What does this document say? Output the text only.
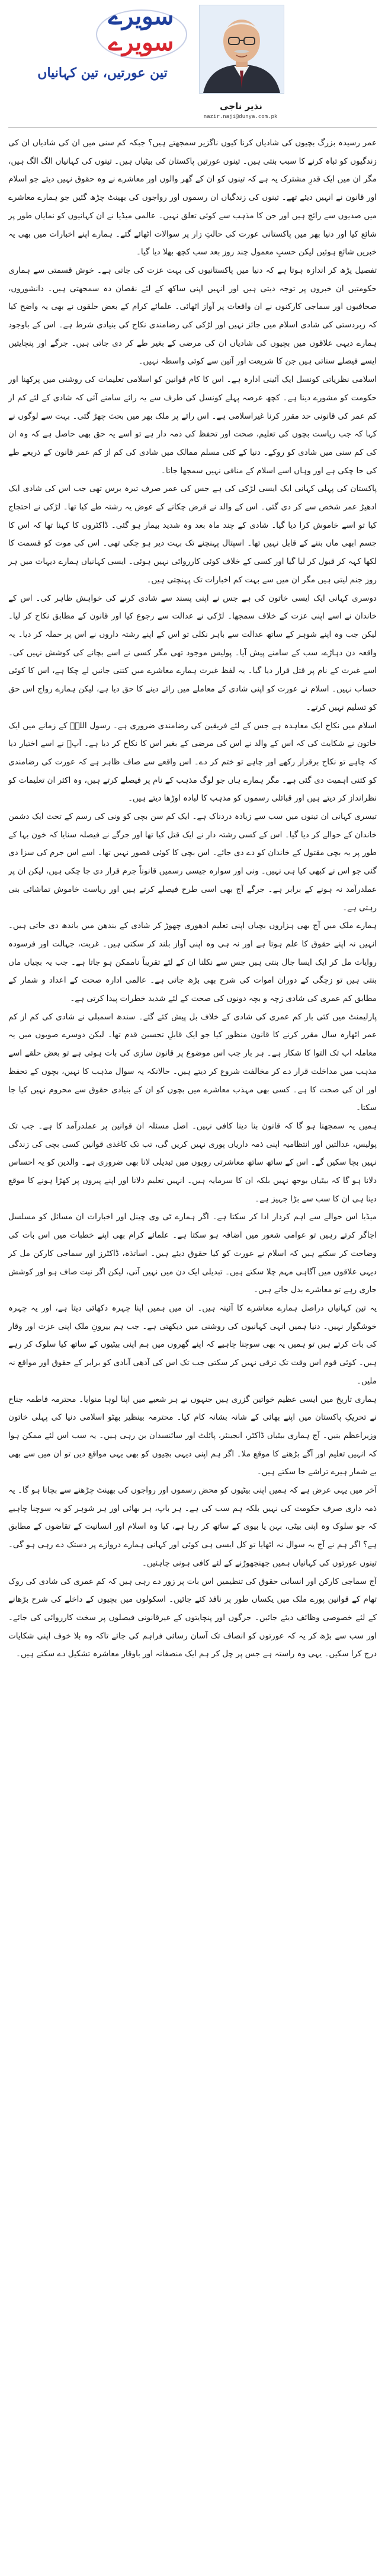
سویرے
سویرے
نذیر ناجی
nazir.naji@dunya.com.pk
تین عورتیں، تین کہانیاں

عمر رسیدہ بزرگ بچیوں کی شادیاں کرنا کیوں ناگزیر سمجھتے ہیں؟ جبکہ کم سنی میں ان کی شادیاں ان کی زندگیوں کو تباہ کرنے کا سبب بنتی ہیں۔ تینوں عورتیں پاکستان کی بیٹیاں ہیں۔ تینوں کی کہانیاں الگ الگ ہیں، مگر ان میں ایک قدرِ مشترک یہ ہے کہ تینوں کو ان کے گھر والوں اور معاشرے نے وہ حقوق نہیں دیئے جو اسلام اور قانون نے انہیں دیئے تھے۔ تینوں کی زندگیاں ان رسموں اور رواجوں کی بھینٹ چڑھ گئیں جو ہمارے معاشرے میں صدیوں سے رائج ہیں اور جن کا مذہب سے کوئی تعلق نہیں۔ عالمی میڈیا نے ان کہانیوں کو نمایاں طور پر شائع کیا اور دنیا بھر میں پاکستانی عورت کی حالتِ زار پر سوالات اٹھائے گئے۔ ہمارے اپنے اخبارات میں بھی یہ خبریں شائع ہوئیں لیکن حسبِ معمول چند روز بعد سب کچھ بھلا دیا گیا۔

تفصیل پڑھ کر اندازہ ہوتا ہے کہ دنیا میں پاکستانیوں کی بہت عزت کی جاتی ہے۔ خوش قسمتی سے ہماری حکومتیں ان خبروں پر توجہ دیتی ہیں اور انہیں اپنی ساکھ کے لئے نقصان دہ سمجھتی ہیں۔ دانشوروں، صحافیوں اور سماجی کارکنوں نے ان واقعات پر آواز اٹھائی۔ علمائے کرام کے بعض حلقوں نے بھی یہ واضح کیا کہ زبردستی کی شادی اسلام میں جائز نہیں اور لڑکی کی رضامندی نکاح کی بنیادی شرط ہے۔ اس کے باوجود ہمارے دیہی علاقوں میں بچیوں کی شادیاں ان کی مرضی کے بغیر طے کر دی جاتی ہیں۔ جرگے اور پنچایتیں ایسے فیصلے سناتی ہیں جن کا شریعت اور آئین سے کوئی واسطہ نہیں۔

اسلامی نظریاتی کونسل ایک آئینی ادارہ ہے۔ اس کا کام قوانین کو اسلامی تعلیمات کی روشنی میں پرکھنا اور حکومت کو مشورے دینا ہے۔ کچھ عرصہ پہلے کونسل کی طرف سے یہ رائے سامنے آئی کہ شادی کے لئے کم از کم عمر کی قانونی حد مقرر کرنا غیراسلامی ہے۔ اس رائے پر ملک بھر میں بحث چھڑ گئی۔ بہت سے لوگوں نے کہا کہ جب ریاست بچوں کی تعلیم، صحت اور تحفظ کی ذمہ دار ہے تو اسے یہ حق بھی حاصل ہے کہ وہ ان کی کم سنی میں شادی کو روکے۔ دنیا کے کئی مسلم ممالک میں شادی کی کم از کم عمر قانون کے ذریعے طے کی جا چکی ہے اور وہاں اسے اسلام کے منافی نہیں سمجھا جاتا۔

پاکستان کی پہلی کہانی ایک ایسی لڑکی کی ہے جس کی عمر صرف تیرہ برس تھی جب اس کی شادی ایک ادھیڑ عمر شخص سے کر دی گئی۔ اس کے والد نے قرض چکانے کے عوض یہ رشتہ طے کیا تھا۔ لڑکی نے احتجاج کیا تو اسے خاموش کرا دیا گیا۔ شادی کے چند ماہ بعد وہ شدید بیمار ہو گئی۔ ڈاکٹروں کا کہنا تھا کہ اس کا جسم ابھی ماں بننے کے قابل نہیں تھا۔ اسپتال پہنچنے تک بہت دیر ہو چکی تھی۔ اس کی موت کو قسمت کا لکھا کہہ کر قبول کر لیا گیا اور کسی کے خلاف کوئی کارروائی نہیں ہوئی۔ ایسی کہانیاں ہمارے دیہات میں ہر روز جنم لیتی ہیں مگر ان میں سے بہت کم اخبارات تک پہنچتی ہیں۔

دوسری کہانی ایک ایسی خاتون کی ہے جس نے اپنی پسند سے شادی کرنے کی خواہش ظاہر کی۔ اس کے خاندان نے اسے اپنی عزت کے خلاف سمجھا۔ لڑکی نے عدالت سے رجوع کیا اور قانون کے مطابق نکاح کر لیا۔ لیکن جب وہ اپنے شوہر کے ساتھ عدالت سے باہر نکلی تو اس کے اپنے رشتہ داروں نے اس پر حملہ کر دیا۔ یہ واقعہ دن دہاڑے، سب کے سامنے پیش آیا۔ پولیس موجود تھی مگر کسی نے اسے بچانے کی کوشش نہیں کی۔ اسے غیرت کے نام پر قتل قرار دیا گیا۔ یہ لفظ غیرت ہمارے معاشرے میں کتنی جانیں لے چکا ہے، اس کا کوئی حساب نہیں۔ اسلام نے عورت کو اپنی شادی کے معاملے میں رائے دینے کا حق دیا ہے، لیکن ہمارے رواج اس حق کو تسلیم نہیں کرتے۔

اسلام میں نکاح ایک معاہدہ ہے جس کے لئے فریقین کی رضامندی ضروری ہے۔ رسول اللہؐ کے زمانے میں ایک خاتون نے شکایت کی کہ اس کے والد نے اس کی مرضی کے بغیر اس کا نکاح کر دیا ہے۔ آپؐ نے اسے اختیار دیا کہ چاہے تو نکاح برقرار رکھے اور چاہے تو ختم کر دے۔ اس واقعے سے صاف ظاہر ہے کہ عورت کی رضامندی کو کتنی اہمیت دی گئی ہے۔ مگر ہمارے ہاں جو لوگ مذہب کے نام پر فیصلے کرتے ہیں، وہ اکثر ان تعلیمات کو نظرانداز کر دیتے ہیں اور قبائلی رسموں کو مذہب کا لبادہ اوڑھا دیتے ہیں۔

تیسری کہانی ان تینوں میں سب سے زیادہ دردناک ہے۔ ایک کم سن بچی کو ونی کی رسم کے تحت ایک دشمن خاندان کے حوالے کر دیا گیا۔ اس کے کسی رشتہ دار نے ایک قتل کیا تھا اور جرگے نے فیصلہ سنایا کہ خون بہا کے طور پر یہ بچی مقتول کے خاندان کو دے دی جائے۔ اس بچی کا کوئی قصور نہیں تھا۔ اسے اس جرم کی سزا دی گئی جو اس نے کبھی کیا ہی نہیں۔ ونی اور سوارہ جیسی رسمیں قانوناً جرم قرار دی جا چکی ہیں، لیکن ان پر عملدرآمد نہ ہونے کے برابر ہے۔ جرگے آج بھی اسی طرح فیصلے کرتے ہیں اور ریاست خاموش تماشائی بنی رہتی ہے۔

ہمارے ملک میں آج بھی ہزاروں بچیاں اپنی تعلیم ادھوری چھوڑ کر شادی کے بندھن میں باندھ دی جاتی ہیں۔ انہیں نہ اپنے حقوق کا علم ہوتا ہے اور نہ ہی وہ اپنی آواز بلند کر سکتی ہیں۔ غربت، جہالت اور فرسودہ روایات مل کر ایک ایسا جال بنتی ہیں جس سے نکلنا ان کے لئے تقریباً ناممکن ہو جاتا ہے۔ جب یہ بچیاں ماں بنتی ہیں تو زچگی کے دوران اموات کی شرح بھی بڑھ جاتی ہے۔ عالمی ادارہ صحت کے اعداد و شمار کے مطابق کم عمری کی شادی زچہ و بچہ دونوں کی صحت کے لئے شدید خطرات پیدا کرتی ہے۔

پارلیمنٹ میں کئی بار کم عمری کی شادی کے خلاف بل پیش کئے گئے۔ سندھ اسمبلی نے شادی کی کم از کم عمر اٹھارہ سال مقرر کرنے کا قانون منظور کیا جو ایک قابلِ تحسین قدم تھا۔ لیکن دوسرے صوبوں میں یہ معاملہ اب تک التوا کا شکار ہے۔ ہر بار جب اس موضوع پر قانون سازی کی بات ہوتی ہے تو بعض حلقے اسے مذہب میں مداخلت قرار دے کر مخالفت شروع کر دیتے ہیں۔ حالانکہ یہ سوال مذہب کا نہیں، بچوں کے تحفظ اور ان کی صحت کا ہے۔ کسی بھی مہذب معاشرے میں بچوں کو ان کے بنیادی حقوق سے محروم نہیں کیا جا سکتا۔

ہمیں یہ سمجھنا ہو گا کہ قانون بنا دینا کافی نہیں۔ اصل مسئلہ ان قوانین پر عملدرآمد کا ہے۔ جب تک پولیس، عدالتیں اور انتظامیہ اپنی ذمہ داریاں پوری نہیں کریں گی، تب تک کاغذی قوانین کسی بچی کی زندگی نہیں بچا سکیں گے۔ اس کے ساتھ ساتھ معاشرتی رویوں میں تبدیلی لانا بھی ضروری ہے۔ والدین کو یہ احساس دلانا ہو گا کہ بیٹیاں بوجھ نہیں بلکہ ان کا سرمایہ ہیں۔ انہیں تعلیم دلانا اور اپنے پیروں پر کھڑا ہونے کا موقع دینا ہی ان کا سب سے بڑا جہیز ہے۔

میڈیا اس حوالے سے اہم کردار ادا کر سکتا ہے۔ اگر ہمارے ٹی وی چینل اور اخبارات ان مسائل کو مسلسل اجاگر کرتے رہیں تو عوامی شعور میں اضافہ ہو سکتا ہے۔ علمائے کرام بھی اپنے خطبات میں اس بات کی وضاحت کر سکتے ہیں کہ اسلام نے عورت کو کیا حقوق دیئے ہیں۔ اساتذہ، ڈاکٹرز اور سماجی کارکن مل کر دیہی علاقوں میں آگاہی مہم چلا سکتے ہیں۔ تبدیلی ایک دن میں نہیں آتی، لیکن اگر نیت صاف ہو اور کوشش جاری رہے تو معاشرے بدل جاتے ہیں۔

یہ تین کہانیاں دراصل ہمارے معاشرے کا آئینہ ہیں۔ ان میں ہمیں اپنا چہرہ دکھائی دیتا ہے، اور یہ چہرہ خوشگوار نہیں۔ دنیا ہمیں انہی کہانیوں کی روشنی میں دیکھتی ہے۔ جب ہم بیرونِ ملک اپنی عزت اور وقار کی بات کرتے ہیں تو ہمیں یہ بھی سوچنا چاہیے کہ اپنے گھروں میں ہم اپنی بیٹیوں کے ساتھ کیا سلوک کر رہے ہیں۔ کوئی قوم اس وقت تک ترقی نہیں کر سکتی جب تک اس کی آدھی آبادی کو برابر کے حقوق اور مواقع نہ ملیں۔

ہماری تاریخ میں ایسی عظیم خواتین گزری ہیں جنہوں نے ہر شعبے میں اپنا لوہا منوایا۔ محترمہ فاطمہ جناح نے تحریکِ پاکستان میں اپنے بھائی کے شانہ بشانہ کام کیا۔ محترمہ بینظیر بھٹو اسلامی دنیا کی پہلی خاتون وزیراعظم بنیں۔ آج ہماری بیٹیاں ڈاکٹر، انجینئر، پائلٹ اور سائنسدان بن رہی ہیں۔ یہ سب اس لئے ممکن ہوا کہ انہیں تعلیم اور آگے بڑھنے کا موقع ملا۔ اگر ہم اپنی دیہی بچیوں کو بھی یہی مواقع دیں تو ان میں سے بھی بے شمار ہیرے تراشے جا سکتے ہیں۔

آخر میں یہی عرض ہے کہ ہمیں اپنی بیٹیوں کو محض رسموں اور رواجوں کی بھینٹ چڑھنے سے بچانا ہو گا۔ یہ ذمہ داری صرف حکومت کی نہیں بلکہ ہم سب کی ہے۔ ہر باپ، ہر بھائی اور ہر شوہر کو یہ سوچنا چاہیے کہ جو سلوک وہ اپنی بیٹی، بہن یا بیوی کے ساتھ کر رہا ہے، کیا وہ اسلام اور انسانیت کے تقاضوں کے مطابق ہے؟ اگر ہم نے آج یہ سوال نہ اٹھایا تو کل ایسی ہی کوئی اور کہانی ہمارے دروازے پر دستک دے رہی ہو گی۔ تینوں عورتوں کی کہانیاں ہمیں جھنجھوڑنے کے لئے کافی ہونی چاہئیں۔

آج سماجی کارکن اور انسانی حقوق کی تنظیمیں اس بات پر زور دے رہی ہیں کہ کم عمری کی شادی کی روک تھام کے قوانین پورے ملک میں یکساں طور پر نافذ کئے جائیں۔ اسکولوں میں بچیوں کے داخلے کی شرح بڑھانے کے لئے خصوصی وظائف دیئے جائیں۔ جرگوں اور پنچایتوں کے غیرقانونی فیصلوں پر سخت کارروائی کی جائے۔ اور سب سے بڑھ کر یہ کہ عورتوں کو انصاف تک آسان رسائی فراہم کی جائے تاکہ وہ بلا خوف اپنی شکایات درج کرا سکیں۔ یہی وہ راستہ ہے جس پر چل کر ہم ایک منصفانہ اور باوقار معاشرہ تشکیل دے سکتے ہیں۔
